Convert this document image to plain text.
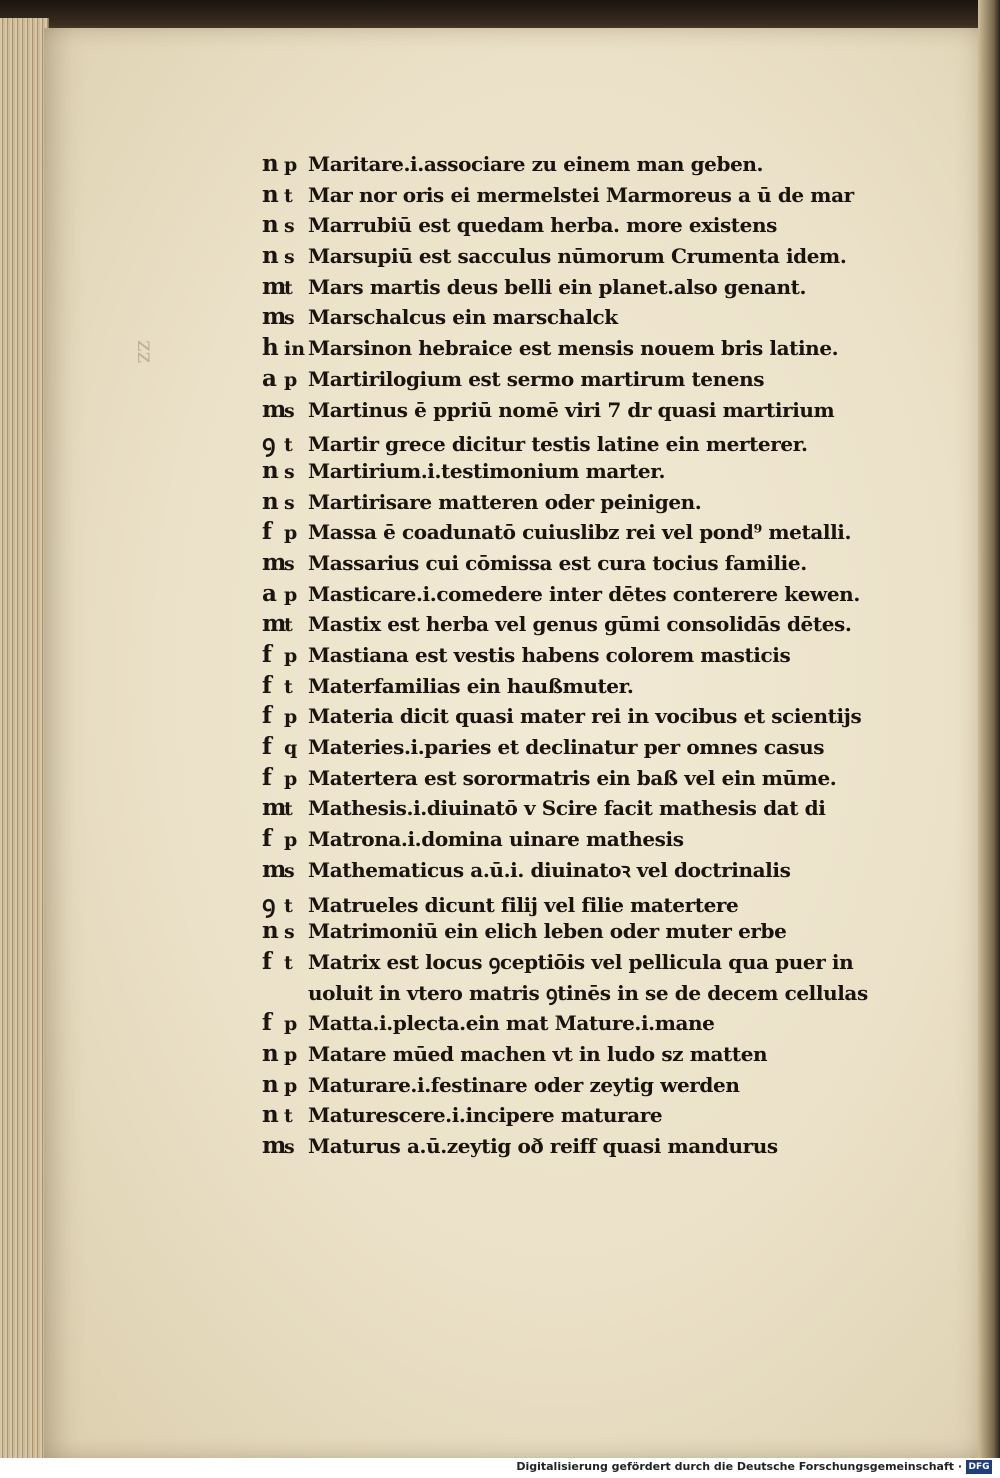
zz
n p Maritare.i.associare zu einem man geben.
n t Mar nor oris ei mermelstei Marmoreus a ū de mar
n s Marrubiū est quedam herba. more existens
n s Marsupiū est sacculus nūmorum Crumenta idem.
m
t Mars martis deus belli ein planet.also genant.
m
s Marschalcus ein marschalck
h in Marsinon hebraice est mensis nouem bris latine.
a p Martirilogium est sermo martirum tenens
m
s Martinus ē ppriū nomē viri 7 dr quasi martirium
ꝯ t Martir grece dicitur testis latine ein merterer.
n s Martirium.i.testimonium marter.
n s Martirisare matteren oder peinigen.
f p Massa ē coadunatō cuiuslibz rei vel pond⁹ metalli.
m
s Massarius cui cōmissa est cura tocius familie.
a p Masticare.i.comedere inter dētes conterere kewen.
m
t Mastix est herba vel genus gūmi consolidās dētes.
f p Mastiana est vestis habens colorem masticis
f t Materfamilias ein haußmuter.
f p Materia dicit quasi mater rei in vocibus et scientijs
f q Materies.i.paries et declinatur per omnes casus
f p Matertera est sorormatris ein baß vel ein mūme.
m
t Mathesis.i.diuinatō v Scire facit mathesis dat di
f p Matrona.i.domina uinare mathesis
m
s Mathematicus a.ū.i. diuinatoꝛ vel doctrinalis
ꝯ t Matrueles dicunt filij vel filie matertere
n s Matrimoniū ein elich leben oder muter erbe
f t Matrix est locus ꝯceptiōis vel pellicula qua puer in
uoluit in vtero matris ꝯtinēs in se de decem cellulas
f p Matta.i.plecta.ein mat Mature.i.mane
n p Matare mūed machen vt in ludo sz matten
n p Maturare.i.festinare oder zeytig werden
n t Maturescere.i.incipere maturare
m
s Maturus a.ū.zeytig oð reiff quasi mandurus
Digitalisierung gefördert durch die Deutsche Forschungsgemeinschaft · DFG
